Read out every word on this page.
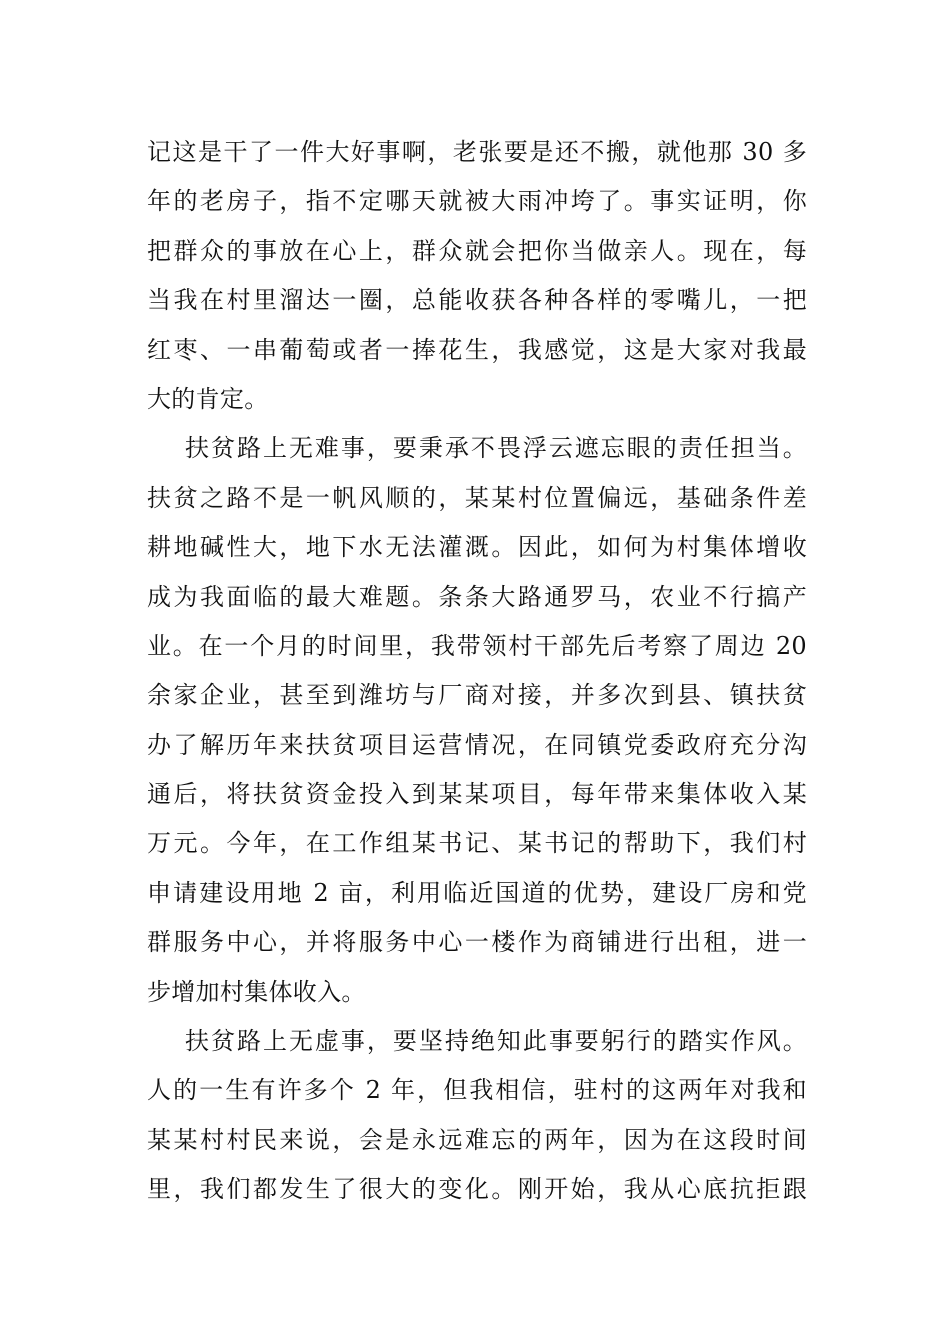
记这是干了一件大好事啊，老张要是还不搬，就他那 30 多
年的老房子，指不定哪天就被大雨冲垮了。事实证明，你
把群众的事放在心上，群众就会把你当做亲人。现在，每
当我在村里溜达一圈，总能收获各种各样的零嘴儿，一把
红枣、一串葡萄或者一捧花生，我感觉，这是大家对我最
大的肯定。
扶贫路上无难事，要秉承不畏浮云遮忘眼的责任担当。
扶贫之路不是一帆风顺的，某某村位置偏远，基础条件差
耕地碱性大，地下水无法灌溉。因此，如何为村集体增收
成为我面临的最大难题。条条大路通罗马，农业不行搞产
业。在一个月的时间里，我带领村干部先后考察了周边 20
余家企业，甚至到潍坊与厂商对接，并多次到县、镇扶贫
办了解历年来扶贫项目运营情况，在同镇党委政府充分沟
通后，将扶贫资金投入到某某项目，每年带来集体收入某
万元。今年，在工作组某书记、某书记的帮助下，我们村
申请建设用地 2 亩，利用临近国道的优势，建设厂房和党
群服务中心，并将服务中心一楼作为商铺进行出租，进一
步增加村集体收入。
扶贫路上无虚事，要坚持绝知此事要躬行的踏实作风。
人的一生有许多个 2 年，但我相信，驻村的这两年对我和
某某村村民来说，会是永远难忘的两年，因为在这段时间
里，我们都发生了很大的变化。刚开始，我从心底抗拒跟
